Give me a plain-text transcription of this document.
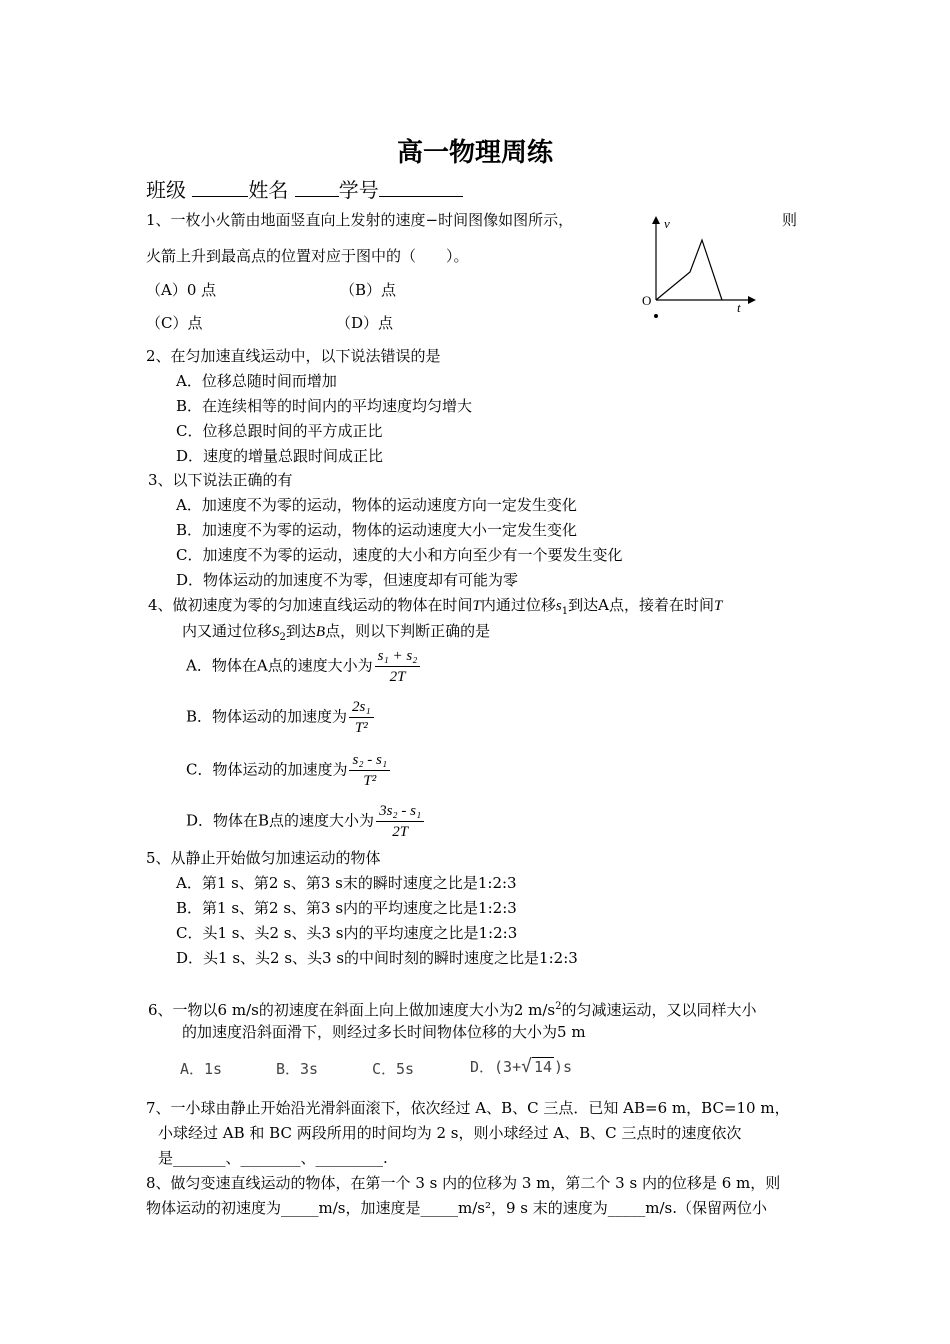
高一物理周练
班级	姓名	学号
1、一枚小火箭由地面竖直向上发射的速度−时间图像如图所示，	则
火箭上升到最高点的位置对应于图中的（　　）。
（A）0 点	（B）点
（C）点	（D）点
v
t
O
2、在匀加速直线运动中，以下说法错误的是
A．位移总随时间而增加
B．在连续相等的时间内的平均速度均匀增大
C．位移总跟时间的平方成正比
D．速度的增量总跟时间成正比
3、以下说法正确的有
A．加速度不为零的运动，物体的运动速度方向一定发生变化
B．加速度不为零的运动，物体的运动速度大小一定发生变化
C．加速度不为零的运动，速度的大小和方向至少有一个要发生变化
D．物体运动的加速度不为零，但速度却有可能为零
4、做初速度为零的匀加速直线运动的物体在时间T内通过位移$s_1$到达A点，接着在时间T
内又通过位移$S_2$到达B点，则以下判断正确的是
A．物体在A点的速度大小为 $\frac{\text{s₁ + s₂}}{2T}$
B．物体运动的加速度为 $\frac{\text{2s₁}}{\text{T²}}$
C．物体运动的加速度为 $\frac{\text{s₂ - s₁}}{\text{T²}}$
D．物体在B点的速度大小为 $\frac{\text{3s₂ - s₁}}{2T}$
5、从静止开始做匀加速运动的物体
A．第1 s、第2 s、第3 s末的瞬时速度之比是1:2:3
B．第1 s、第2 s、第3 s内的平均速度之比是1:2:3
C．头1 s、头2 s、头3 s内的平均速度之比是1:2:3
D．头1 s、头2 s、头3 s的中间时刻的瞬时速度之比是1:2:3
6、一物以6 m/s的初速度在斜面上向上做加速度大小为2 $m/s^2$的匀减速运动，又以同样大小
的加速度沿斜面滑下，则经过多长时间物体位移的大小为5 m
A．1s	B．3s	C．5s	D．(3+√ 14 )s
7、一小球由静止开始沿光滑斜面滚下，依次经过 A、B、C 三点．已知 AB=6 m，BC=10 m，
小球经过 AB 和 BC 两段所用的时间均为 2 s，则小球经过 A、B、C 三点时的速度依次
是_______、________、_________.
8、做匀变速直线运动的物体，在第一个 3 s 内的位移为 3 m，第二个 3 s 内的位移是 6 m，则
物体运动的初速度为_____m/s，加速度是_____m/s²，9 s 末的速度为_____m/s.（保留两位小
